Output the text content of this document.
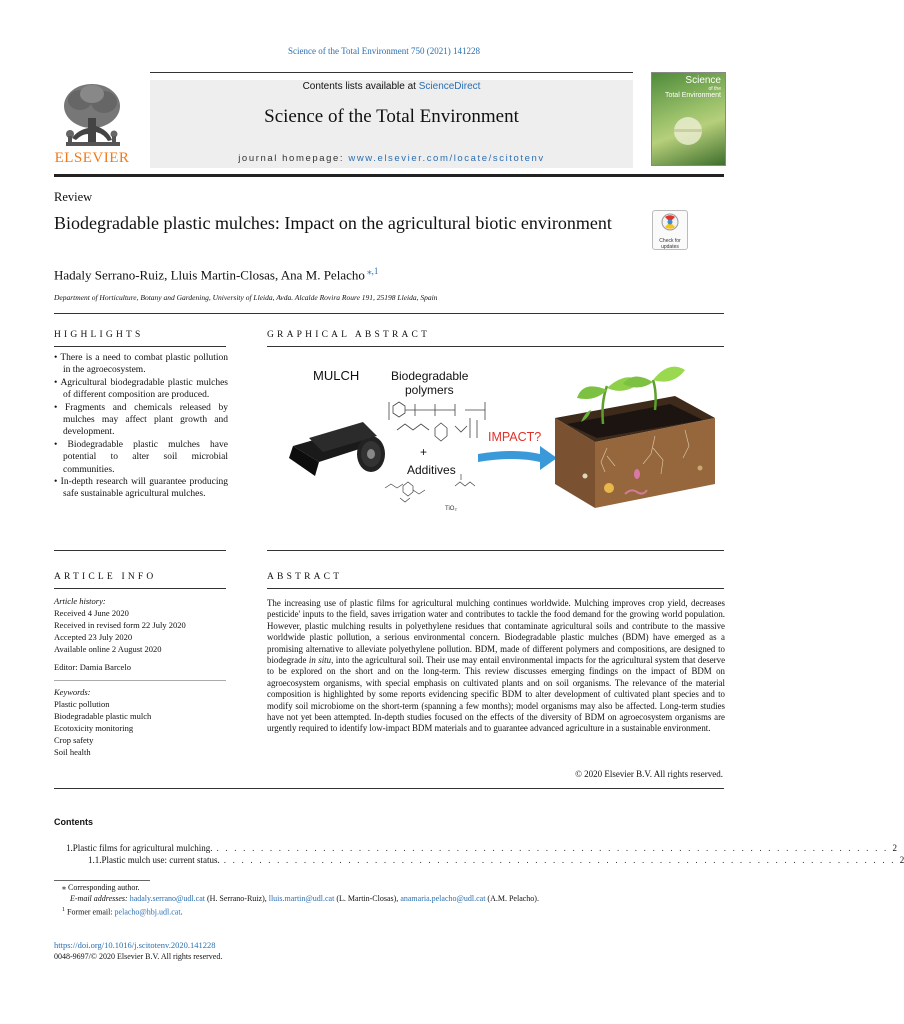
Science of the Total Environment 750 (2021) 141228
Contents lists available at ScienceDirect
Science of the Total Environment
journal homepage: www.elsevier.com/locate/scitotenv
ELSEVIER
Science
of the
Total Environment
Review
Biodegradable plastic mulches: Impact on the agricultural biotic environment
Check for
updates
Hadaly Serrano-Ruiz, Lluis Martin-Closas, Ana M. Pelacho $^{⁎,1}$
Department of Horticulture, Botany and Gardening, University of Lleida, Avda. Alcalde Rovira Roure 191, 25198 Lleida, Spain
HIGHLIGHTS	GRAPHICAL ABSTRACT
• There is a need to combat plastic pollution in the agroecosystem.
• Agricultural biodegradable plastic mulches of different composition are produced.
• Fragments and chemicals released by mulches may affect plant growth and development.
• Biodegradable plastic mulches have potential to alter soil microbial communities.
• In-depth research will guarantee producing safe sustainable agricultural mulches.
MULCH	Biodegradable
polymers
+
Additives
TiO₂
IMPACT?
ARTICLE INFO	ABSTRACT
Article history:
Received 4 June 2020
Received in revised form 22 July 2020
Accepted 23 July 2020
Available online 2 August 2020
Editor: Damia Barcelo
Keywords:
Plastic pollution
Biodegradable plastic mulch
Ecotoxicity monitoring
Crop safety
Soil health
The increasing use of plastic films for agricultural mulching continues worldwide. Mulching improves crop yield, decreases pesticide' inputs to the field, saves irrigation water and contributes to tackle the food demand for the growing world population. However, plastic mulching results in polyethylene residues that contaminate agricultural soils and contribute to the massive worldwide plastic pollution, a serious environmental concern. Biodegradable plastic mulches (BDM) have emerged as a promising alternative to alleviate polyethylene pollution. BDM, made of different polymers and compositions, are designed to biodegrade in situ, into the agricultural soil. Their use may entail environmental impacts for the agricultural system that deserve to be explored on the short and on the long-term. This review discusses emerging findings on the impact of BDM on agroecosystem organisms, with special emphasis on cultivated plants and on soil organisms. The relevance of the material composition is highlighted by some reports evidencing specific BDM to alter development of cultivated plant species and to modify soil microbiome on the short-term (spanning a few months); model organisms may also be affected. Long-term studies have not yet been attempted. In-depth studies focused on the effects of the diversity of BDM on agroecosystem organisms are urgently required to identify low-impact BDM materials and to guarantee advanced agriculture in a sustainable environment.
© 2020 Elsevier B.V. All rights reserved.
Contents
1. Plastic films for agricultural mulching. . . . . . . . . . . . . . . . . . . . . . . . . . . . . . . . . . . . . . . . . . . . . . . . . . . . . . . . . . . . . . . . . . . . . . . . . . . . . 2
1.1. Plastic mulch use: current status. . . . . . . . . . . . . . . . . . . . . . . . . . . . . . . . . . . . . . . . . . . . . . . . . . . . . . . . . . . . . . . . . . . . . . . . . . . . . 2
⁎ Corresponding author.
E-mail addresses: hadaly.serrano@udl.cat (H. Serrano-Ruiz), lluis.martin@udl.cat (L. Martin-Closas), anamaria.pelacho@udl.cat (A.M. Pelacho).
$^1$ Former email: pelacho@hbj.udl.cat.
https://doi.org/10.1016/j.scitotenv.2020.141228
0048-9697/© 2020 Elsevier B.V. All rights reserved.
